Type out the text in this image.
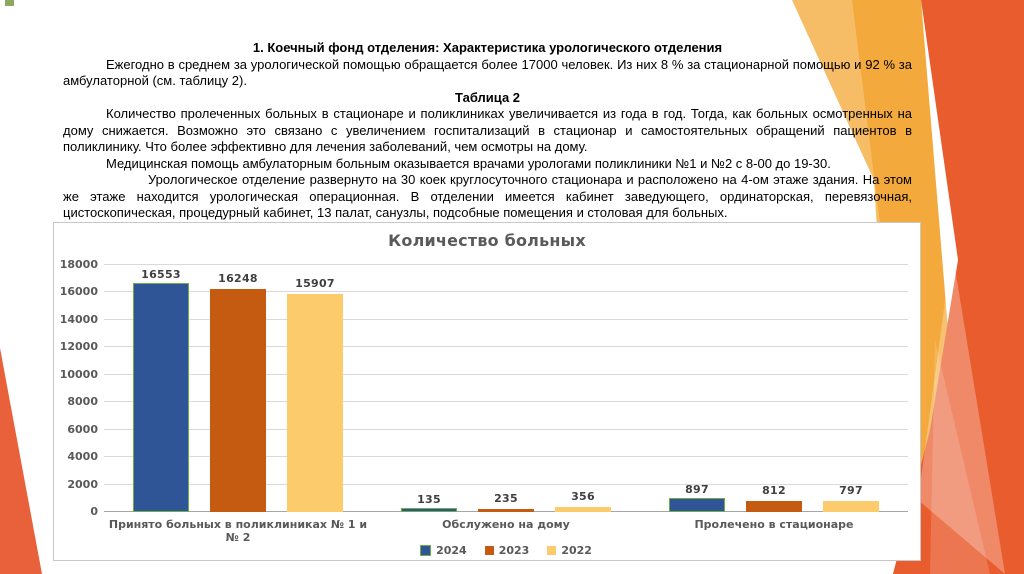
1. Коечный фонд отделения: Характеристика урологического отделения

Ежегодно в среднем за урологической помощью обращается более 17000 человек. Из них 8 % за стационарной помощью и 92 % за амбулаторной (см. таблицу 2).

Таблица 2

Количество пролеченных больных в стационаре и поликлиниках увеличивается из года в год. Тогда, как больных осмотренных на дому снижается. Возможно это связано с увеличением госпитализаций в стационар и самостоятельных обращений пациентов в поликлинику. Что более эффективно для лечения заболеваний, чем осмотры на дому.

Медицинская помощь амбулаторным больным оказывается врачами урологами поликлиники №1 и №2 с 8-00 до 19-30.

Урологическое отделение развернуто на 30 коек круглосуточного стационара и расположено на 4-ом этаже здания. На этом же этаже находится урологическая операционная. В отделении имеется кабинет заведующего, ординаторская, перевязочная, цистоскопическая, процедурный кабинет, 13 палат, санузлы, подсобные помещения и столовая для больных.

Количество больных
0
2000
4000
6000
8000
10000
12000
14000
16000
18000
16553	16248	15907
135	235	356
897	812	797
Принято больных в поликлиниках № 1 и № 2
Обслужено на дому	Пролечено в стационаре
2024	2023	2022
